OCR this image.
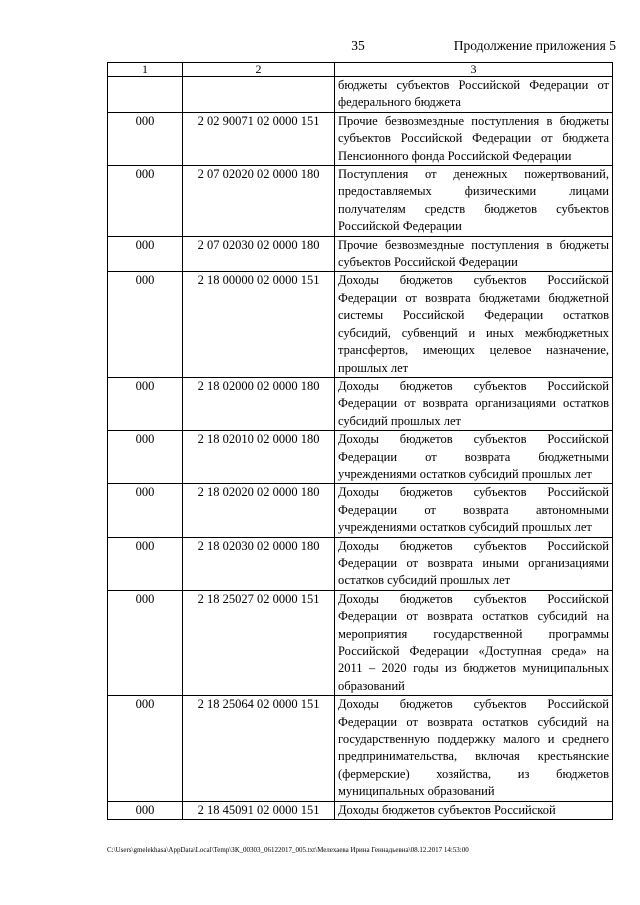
35	Продолжение приложения 5
1	2	3
		бюджеты субъектов Российской Федерации от федерального бюджета
000	2 02 90071 02 0000 151	Прочие безвозмездные поступления в бюджеты субъектов Российской Федерации от бюджета Пенсионного фонда Российской Федерации
000	2 07 02020 02 0000 180	Поступления от денежных пожертвований, предоставляемых физическими лицами получателям средств бюджетов субъектов Российской Федерации
000	2 07 02030 02 0000 180	Прочие безвозмездные поступления в бюджеты субъектов Российской Федерации
000	2 18 00000 02 0000 151	Доходы бюджетов субъектов Российской Федерации от возврата бюджетами бюджетной системы Российской Федерации остатков субсидий, субвенций и иных межбюджетных трансфертов, имеющих целевое назначение, прошлых лет
000	2 18 02000 02 0000 180	Доходы бюджетов субъектов Российской Федерации от возврата организациями остатков субсидий прошлых лет
000	2 18 02010 02 0000 180	Доходы бюджетов субъектов Российской Федерации от возврата бюджетными учреждениями остатков субсидий прошлых лет
000	2 18 02020 02 0000 180	Доходы бюджетов субъектов Российской Федерации от возврата автономными учреждениями остатков субсидий прошлых лет
000	2 18 02030 02 0000 180	Доходы бюджетов субъектов Российской Федерации от возврата иными организациями остатков субсидий прошлых лет
000	2 18 25027 02 0000 151	Доходы бюджетов субъектов Российской Федерации от возврата остатков субсидий на мероприятия государственной программы Российской Федерации «Доступная среда» на 2011 – 2020 годы из бюджетов муниципальных образований
000	2 18 25064 02 0000 151	Доходы бюджетов субъектов Российской Федерации от возврата остатков субсидий на государственную поддержку малого и среднего предпринимательства, включая крестьянские (фермерские) хозяйства, из бюджетов муниципальных образований
000	2 18 45091 02 0000 151	Доходы бюджетов субъектов Российской
C:\Users\gmelekhasa\AppData\Local\Temp\ЗК_00303_06122017_005.txt\Мелехаева Ирина Геннадьевна\08.12.2017 14:53:00
